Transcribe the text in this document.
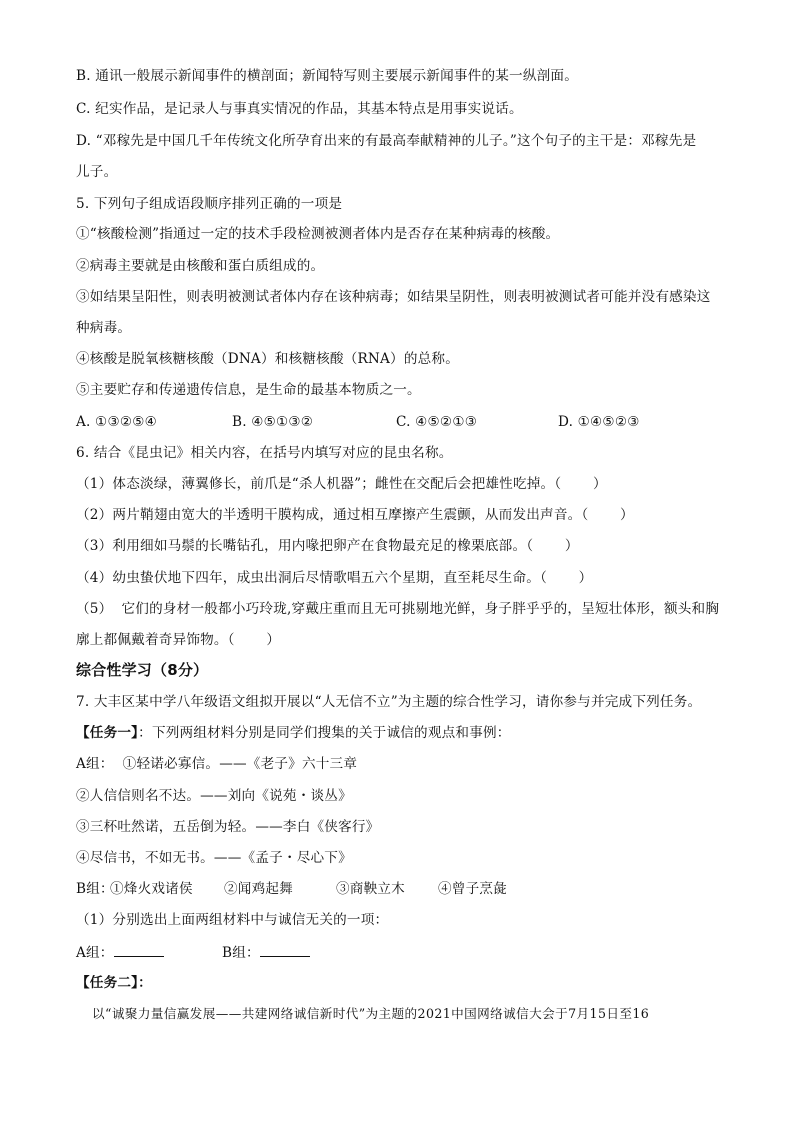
B. 通讯一般展示新闻事件的横剖面；新闻特写则主要展示新闻事件的某一纵剖面。
C. 纪实作品，是记录人与事真实情况的作品，其基本特点是用事实说话。
D. “邓稼先是中国几千年传统文化所孕育出来的有最高奉献精神的儿子。”这个句子的主干是：邓稼先是
儿子。
5. 下列句子组成语段顺序排列正确的一项是
①“核酸检测”指通过一定的技术手段检测被测者体内是否存在某种病毒的核酸。
②病毒主要就是由核酸和蛋白质组成的。
③如结果呈阳性，则表明被测试者体内存在该种病毒；如结果呈阴性，则表明被测试者可能并没有感染这
种病毒。
④核酸是脱氧核糖核酸（DNA）和核糖核酸（RNA）的总称。
⑤主要贮存和传递遗传信息，是生命的最基本物质之一。
A. ①③②⑤④	B. ④⑤①③②	C. ④⑤②①③	D. ①④⑤②③
6. 结合《昆虫记》相关内容，在括号内填写对应的昆虫名称。
（1）体态淡绿，薄翼修长，前爪是“杀人机器”；雌性在交配后会把雄性吃掉。（       ）
（2）两片鞘翅由宽大的半透明干膜构成，通过相互摩擦产生震颤，从而发出声音。（       ）
（3）利用细如马鬃的长嘴钻孔，用内喙把卵产在食物最充足的橡栗底部。（       ）
（4）幼虫蛰伏地下四年，成虫出洞后尽情歌唱五六个星期，直至耗尽生命。（       ）
（5）  它们的身材一般都小巧玲珑,穿戴庄重而且无可挑剔地光鲜，身子胖乎乎的，呈短壮体形，额头和胸
廓上都佩戴着奇异饰物。（       ）
综合性学习（8分）
7. 大丰区某中学八年级语文组拟开展以“人无信不立”为主题的综合性学习，请你参与并完成下列任务。
【任务一】：下列两组材料分别是同学们搜集的关于诚信的观点和事例：
A组：  ①轻诺必寡信。——《老子》六十三章
②人信信则名不达。——刘向《说苑・谈丛》
③三杯吐然诺，五岳倒为轻。——李白《侠客行》
④尽信书，不如无书。——《孟子・尽心下》
B组：
①烽火戏诸侯 ②闻鸡起舞	③商鞅立木 ④曾子烹彘
（1）分别选出上面两组材料中与诚信无关的一项：
A组：	B组：
【任务二】：
以“诚聚力量信赢发展——共建网络诚信新时代”为主题的2021中国网络诚信大会于7月15日至16
